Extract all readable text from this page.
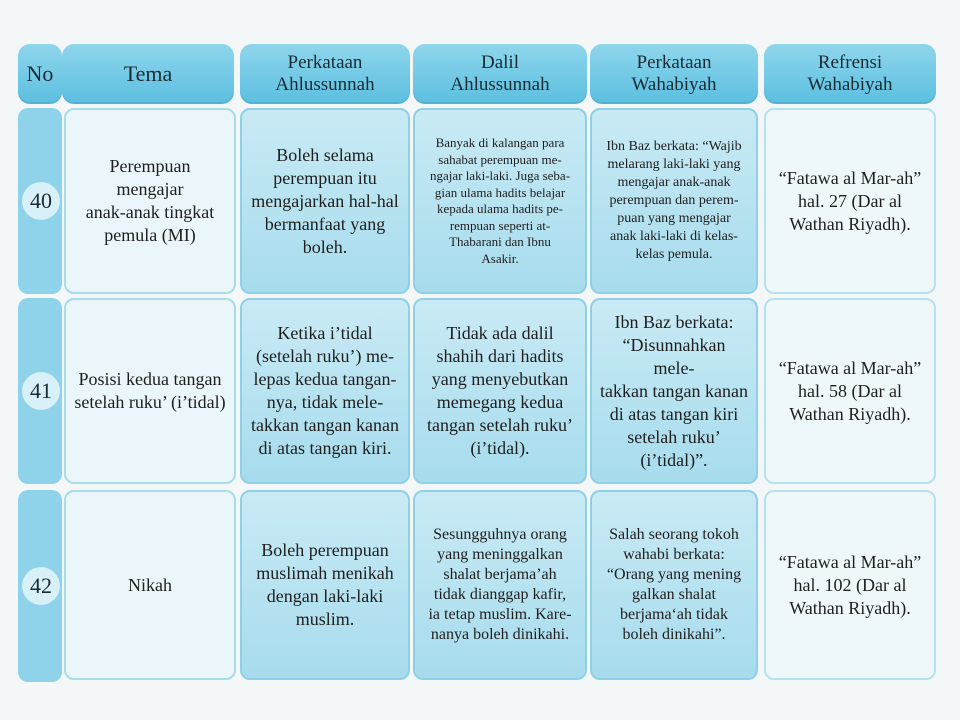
No	Tema	Perkataan
Ahlussunnah
Dalil
Ahlussunnah
Perkataan
Wahabiyah
Refrensi
Wahabiyah
40
41
42
Perempuan mengajar
anak-anak tingkat
pemula (MI)
Boleh selama
perempuan itu
mengajarkan hal-hal
bermanfaat yang
boleh.
Banyak di kalangan para
sahabat perempuan me-
ngajar laki-laki. Juga seba-
gian ulama hadits belajar
kepada ulama hadits pe-
rempuan seperti at-
Thabarani dan Ibnu
Asakir.
Ibn Baz berkata: “Wajib
melarang laki-laki yang
mengajar anak-anak
perempuan dan perem-
puan yang mengajar
anak laki-laki di kelas-
kelas pemula.
“Fatawa al Mar-ah”
hal. 27 (Dar al
Wathan Riyadh).
Posisi kedua tangan
setelah ruku’ (i’tidal)
Ketika i’tidal
(setelah ruku’) me-
lepas kedua tangan-
nya, tidak mele-
takkan tangan kanan
di atas tangan kiri.
Tidak ada dalil
shahih dari hadits
yang menyebutkan
memegang kedua
tangan setelah ruku’
(i’tidal).
Ibn Baz berkata:
“Disunnahkan mele-
takkan tangan kanan
di atas tangan kiri
setelah ruku’
(i’tidal)”.
“Fatawa al Mar-ah”
hal. 58 (Dar al
Wathan Riyadh).
Nikah
Boleh perempuan
muslimah menikah
dengan laki-laki
muslim.
Sesungguhnya orang
yang meninggalkan
shalat berjama’ah
tidak dianggap kafir,
ia tetap muslim. Kare-
nanya boleh dinikahi.
Salah seorang tokoh
wahabi berkata:
“Orang yang mening
galkan shalat
berjama‘ah tidak
boleh dinikahi”.
“Fatawa al Mar-ah”
hal. 102 (Dar al
Wathan Riyadh).
